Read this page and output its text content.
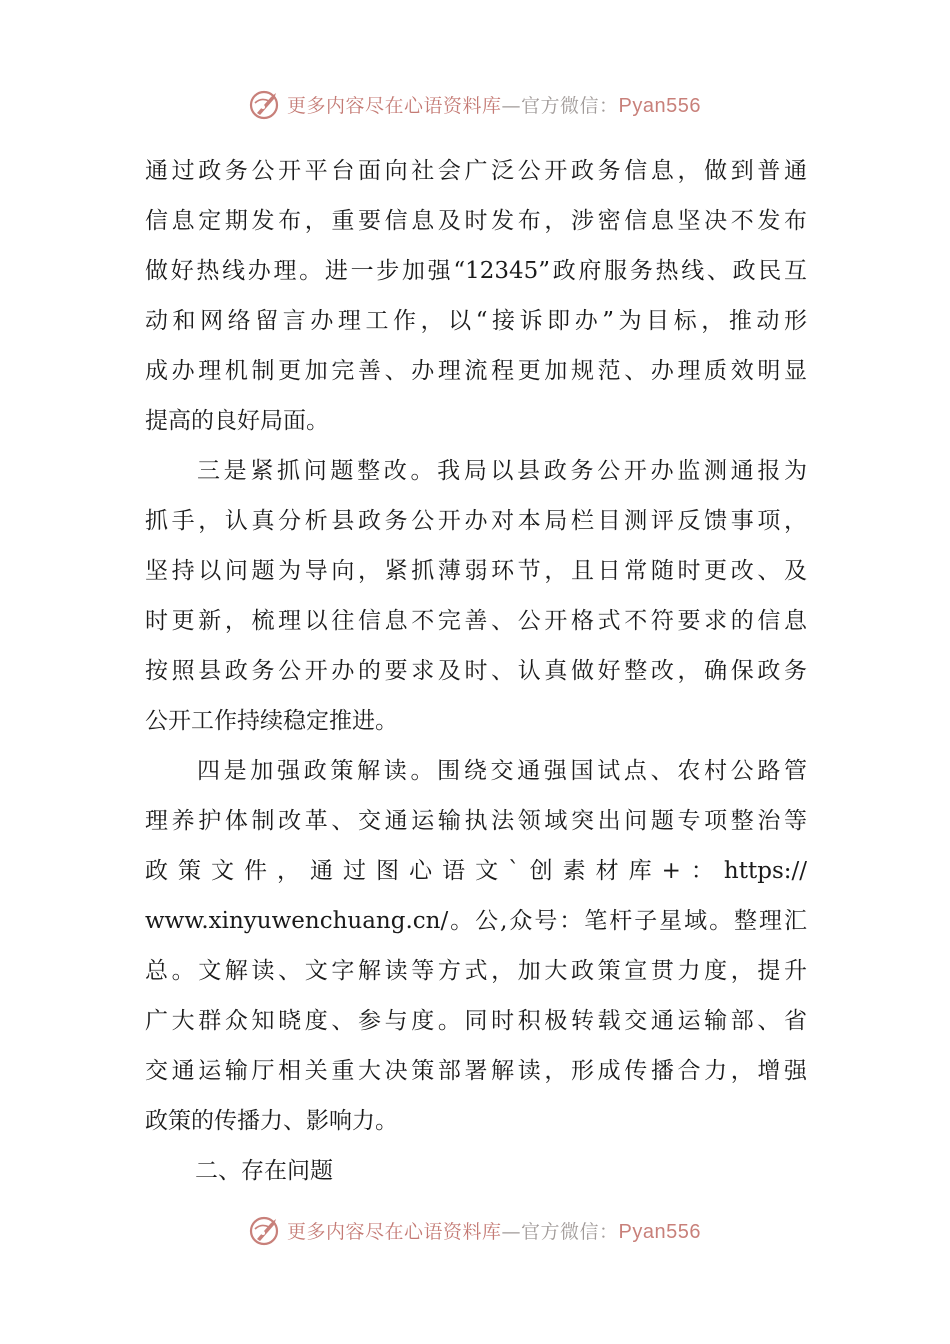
更多内容尽在心语资料库—官方微信：Pyan556
通过政务公开平台面向社会广泛公开政务信息，做到普通
信息定期发布，重要信息及时发布，涉密信息坚决不发布
做好热线办理。进一步加强“12345”政府服务热线、政民互
动和网络留言办理工作，以“接诉即办”为目标，推动形
成办理机制更加完善、办理流程更加规范、办理质效明显
提高的良好局面。
三是紧抓问题整改。我局以县政务公开办监测通报为
抓手，认真分析县政务公开办对本局栏目测评反馈事项，
坚持以问题为导向，紧抓薄弱环节，且日常随时更改、及
时更新，梳理以往信息不完善、公开格式不符要求的信息
按照县政务公开办的要求及时、认真做好整改，确保政务
公开工作持续稳定推进。
四是加强政策解读。围绕交通强国试点、农村公路管
理养护体制改革、交通运输执法领域突出问题专项整治等
政策文件，通过图心语文`创素材库+：https://
www.xinyuwenchuang.cn/。公,众号：笔杆子星域。整理汇
总。文解读、文字解读等方式，加大政策宣贯力度，提升
广大群众知晓度、参与度。同时积极转载交通运输部、省
交通运输厅相关重大决策部署解读，形成传播合力，增强
政策的传播力、影响力。
二、存在问题
更多内容尽在心语资料库—官方微信：Pyan556
